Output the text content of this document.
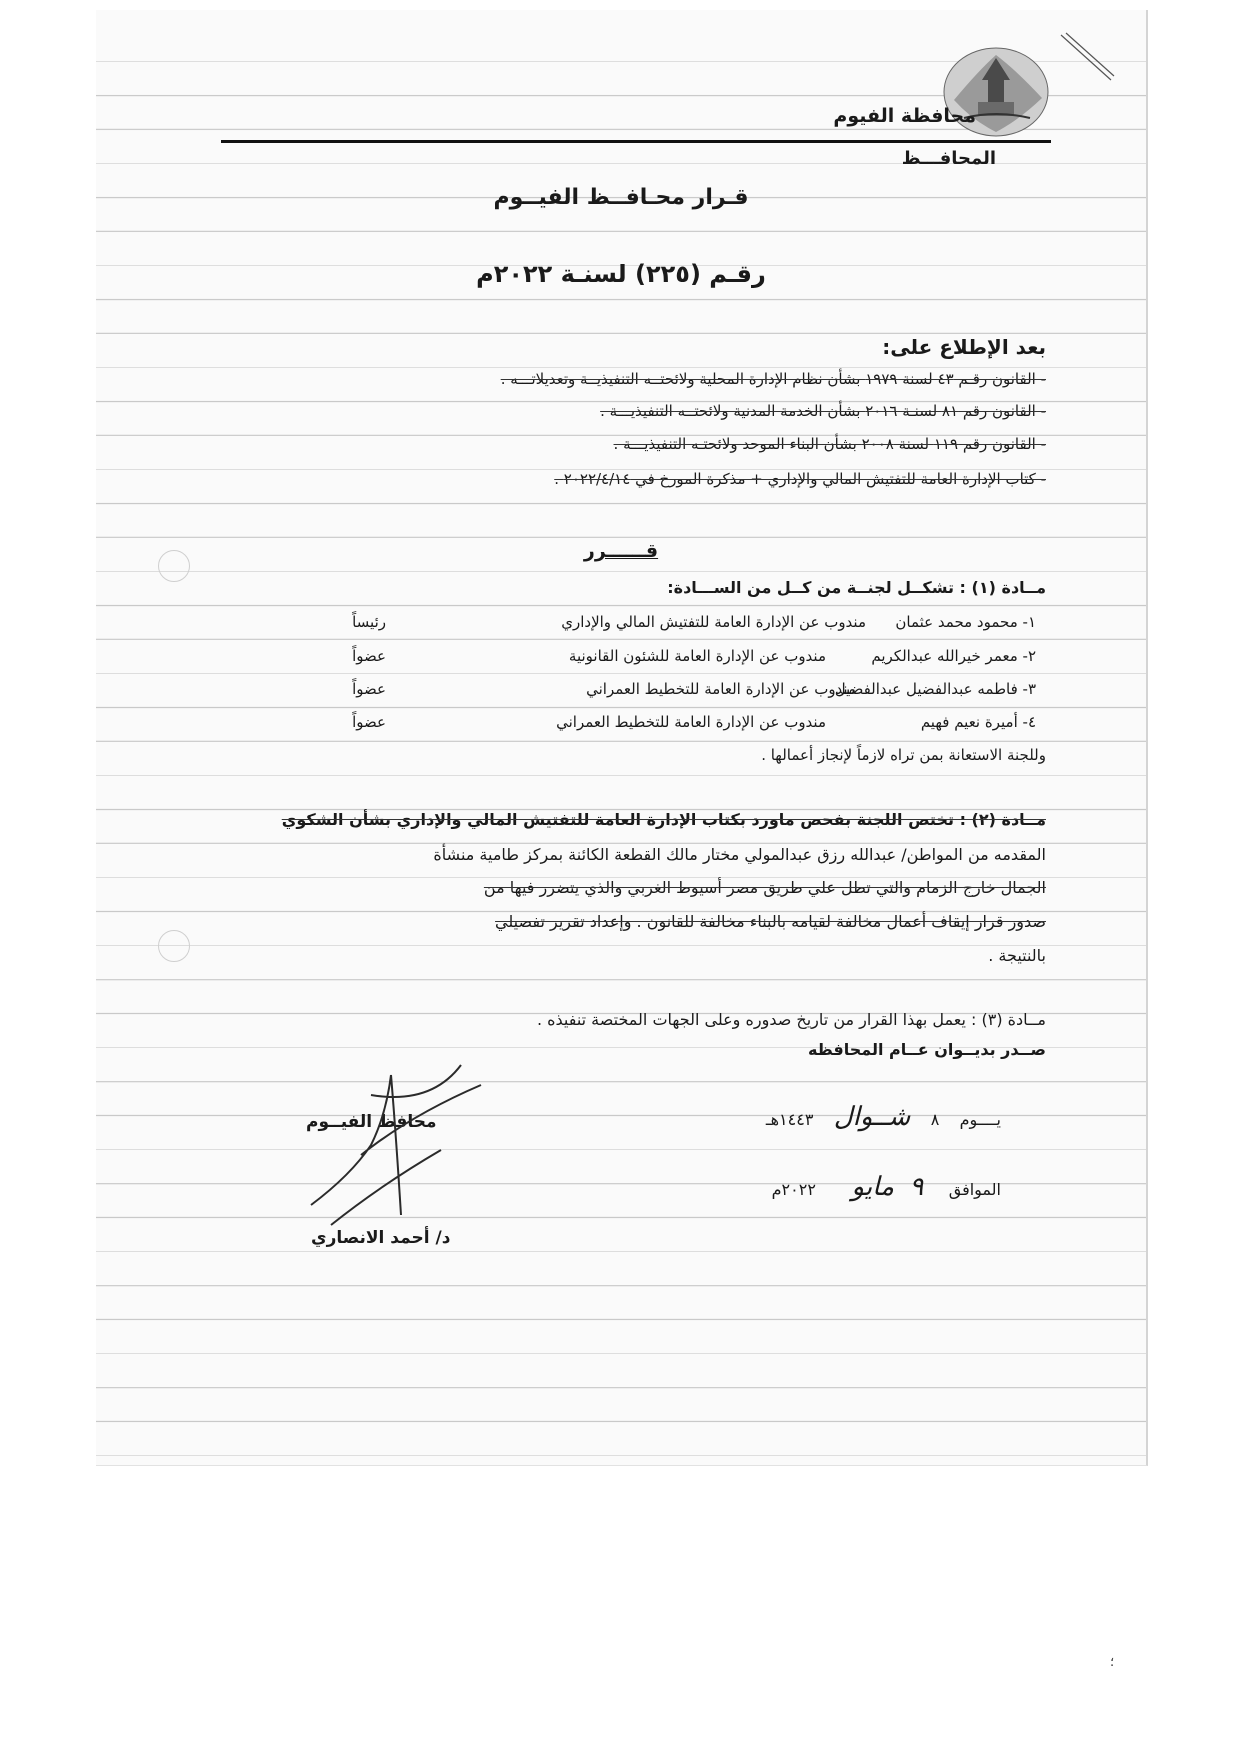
محافظة الفيوم
المحافـــظ
قـرار محـافــظ الفيــوم
رقـم (٢٢٥) لسنـة ٢٠٢٢م
بعد الإطلاع على:
- القانون رقـم ٤٣ لسنة ١٩٧٩ بشأن نظام الإدارة المحلية ولائحتــه التنفيذيــة وتعديلاتـــه .
- القانون رقم ٨١ لسنـة ٢٠١٦ بشأن الخدمة المدنية ولائحتــه التنفيذيـــة .
- القانون رقم ١١٩ لسنة ٢٠٠٨ بشأن البناء الموحد ولائحتـه التنفيذيـــة .
- كتاب الإدارة العامة للتفتيش المالي والإداري + مذكرة المورخ في ٢٠٢٢/٤/١٤ .
قــــــرر
مــادة (١) : تشكــل لجنــة من كــل من الســـادة:
١- محمود محمد عثمان
مندوب عن الإدارة العامة للتفتيش المالي والإداري
رئيساً
٢- معمر خيرالله عبدالكريم
مندوب عن الإدارة العامة للشئون القانونية
عضواً
٣- فاطمه عبدالفضيل عبدالفضيل
مندوب عن الإدارة العامة للتخطيط العمراني
عضواً
٤- أميرة نعيم فهيم
مندوب عن الإدارة العامة للتخطيط العمراني
عضواً
وللجنة الاستعانة بمن تراه لازماً لإنجاز أعمالها .
مــادة (٢) : تختص اللجنة بفحص ماورد بكتاب الإدارة العامة للتفتيش المالي والإداري بشأن الشكوي
المقدمه من المواطن/ عبدالله رزق عبدالمولي مختار مالك القطعة الكائنة بمركز طامية منشأة
الجمال خارج الزمام والتي تطل علي طريق مصر أسيوط الغربي والذي يتضرر فيها من
صدور قرار إيقاف أعمال مخالفة لقيامه بالبناء مخالفة للقانون . وإعداد تقرير تفصيلي
بالنتيجة .
مــادة (٣) : يعمل بهذا القرار من تاريخ صدوره وعلى الجهات المختصة تنفيذه .
صــدر بديــوان عــام المحافظه
يــــوم    ٨    شــوال    ١٤٤٣هـ
الموافق     ٩   مايو       ٢٠٢٢م
محافظ الفيــوم
د/ أحمد الانصاري
؛
